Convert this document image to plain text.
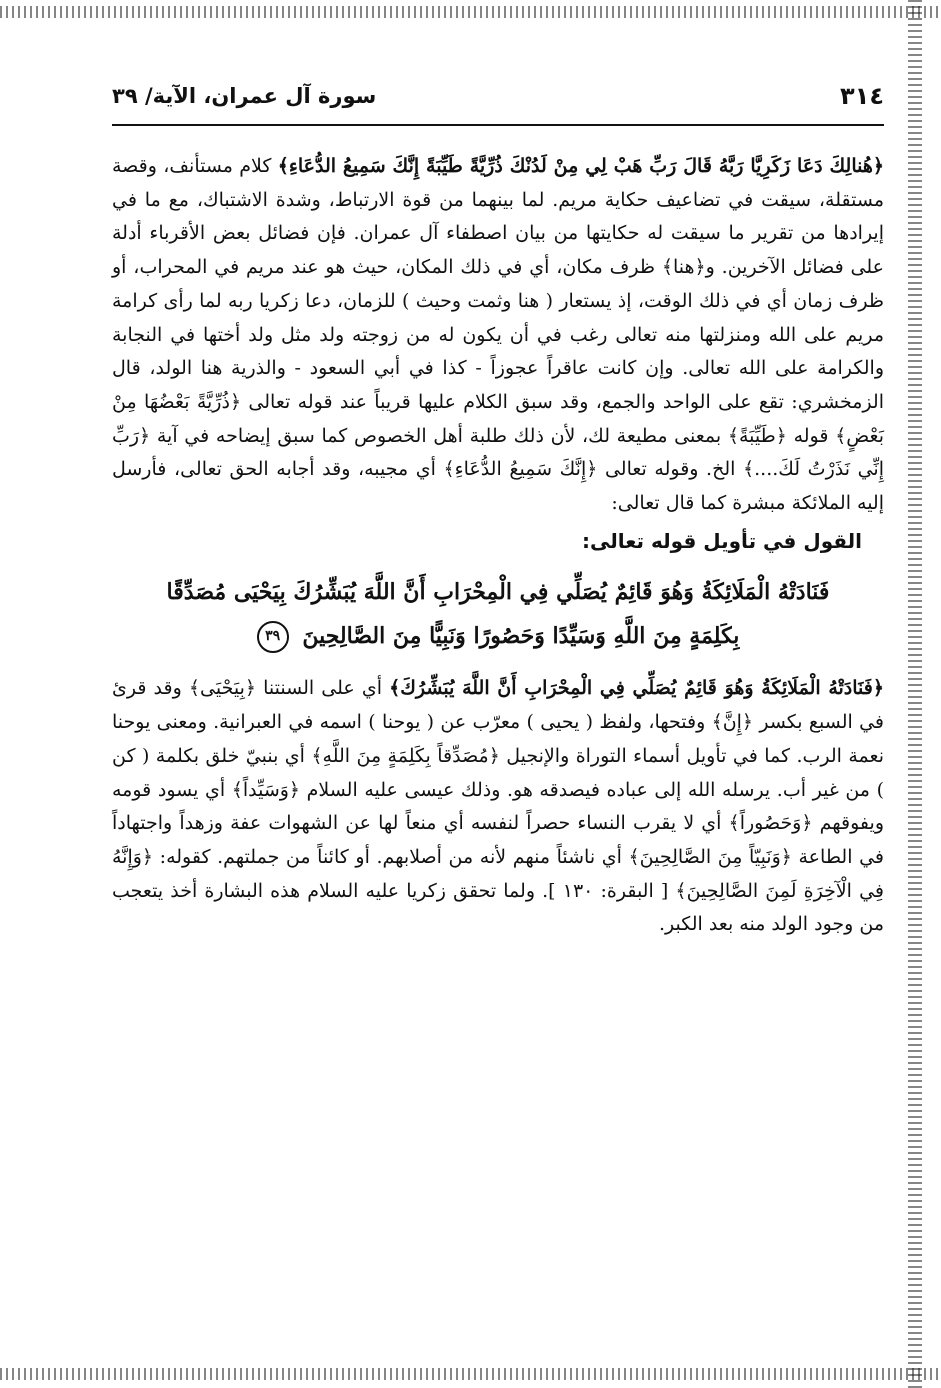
٣١٤
سورة آل عمران، الآية/ ٣٩

﴿هُنالِكَ دَعَا زَكَرِيَّا رَبَّهُ قَالَ رَبِّ هَبْ لِي مِنْ لَدُنْكَ ذُرِّيَّةً طَيِّبَةً إِنَّكَ سَمِيعُ الدُّعَاءِ﴾ كلام مستأنف، وقصة مستقلة، سيقت في تضاعيف حكاية مريم. لما بينهما من قوة الارتباط، وشدة الاشتباك، مع ما في إيرادها من تقرير ما سيقت له حكايتها من بيان اصطفاء آل عمران. فإن فضائل بعض الأقرباء أدلة على فضائل الآخرين. و﴿هنا﴾ ظرف مكان، أي في ذلك المكان، حيث هو عند مريم في المحراب، أو ظرف زمان أي في ذلك الوقت، إذ يستعار ( هنا وثمت وحيث ) للزمان، دعا زكريا ربه لما رأى كرامة مريم على الله ومنزلتها منه تعالى رغب في أن يكون له من زوجته ولد مثل ولد أختها في النجابة والكرامة على الله تعالى. وإن كانت عاقراً عجوزاً - كذا في أبي السعود - والذرية هنا الولد، قال الزمخشري: تقع على الواحد والجمع، وقد سبق الكلام عليها قريباً عند قوله تعالى ﴿ذُرِّيَّةً بَعْضُهَا مِنْ بَعْضٍ﴾ قوله ﴿طَيِّبَةً﴾ بمعنى مطيعة لك، لأن ذلك طلبة أهل الخصوص كما سبق إيضاحه في آية ﴿رَبِّ إِنِّي نَذَرْتُ لَكَ....﴾ الخ. وقوله تعالى ﴿إِنَّكَ سَمِيعُ الدُّعَاءِ﴾ أي مجيبه، وقد أجابه الحق تعالى، فأرسل إليه الملائكة مبشرة كما قال تعالى:

القول في تأويل قوله تعالى:
فَنَادَتْهُ الْمَلَائِكَةُ وَهُوَ قَائِمٌ يُصَلِّي فِي الْمِحْرَابِ أَنَّ اللَّهَ يُبَشِّرُكَ بِيَحْيَى مُصَدِّقًا
بِكَلِمَةٍ مِنَ اللَّهِ وَسَيِّدًا وَحَصُورًا وَنَبِيًّا مِنَ الصَّالِحِينَ ٣٩

﴿فَنَادَتْهُ الْمَلَائِكَةُ وَهُوَ قَائِمٌ يُصَلِّي فِي الْمِحْرَابِ أَنَّ اللَّهَ يُبَشِّرُكَ﴾ أي على السنتنا ﴿بِيَحْيَى﴾ وقد قرئ في السبع بكسر ﴿إِنَّ﴾ وفتحها، ولفظ ( يحيى ) معرّب عن ( يوحنا ) اسمه في العبرانية. ومعنى يوحنا نعمة الرب. كما في تأويل أسماء التوراة والإنجيل ﴿مُصَدِّقاً بِكَلِمَةٍ مِنَ اللَّهِ﴾ أي بنبيّ خلق بكلمة ( كن ) من غير أب. يرسله الله إلى عباده فيصدقه هو. وذلك عيسى عليه السلام ﴿وَسَيِّداً﴾ أي يسود قومه ويفوقهم ﴿وَحَصُوراً﴾ أي لا يقرب النساء حصراً لنفسه أي منعاً لها عن الشهوات عفة وزهداً واجتهاداً في الطاعة ﴿وَنَبِيّاً مِنَ الصَّالِحِينَ﴾ أي ناشئاً منهم لأنه من أصلابهم. أو كائناً من جملتهم. كقوله: ﴿وَإِنَّهُ فِي الْآخِرَةِ لَمِنَ الصَّالِحِينَ﴾ [ البقرة: ١٣٠ ]. ولما تحقق زكريا عليه السلام هذه البشارة أخذ يتعجب من وجود الولد منه بعد الكبر.
